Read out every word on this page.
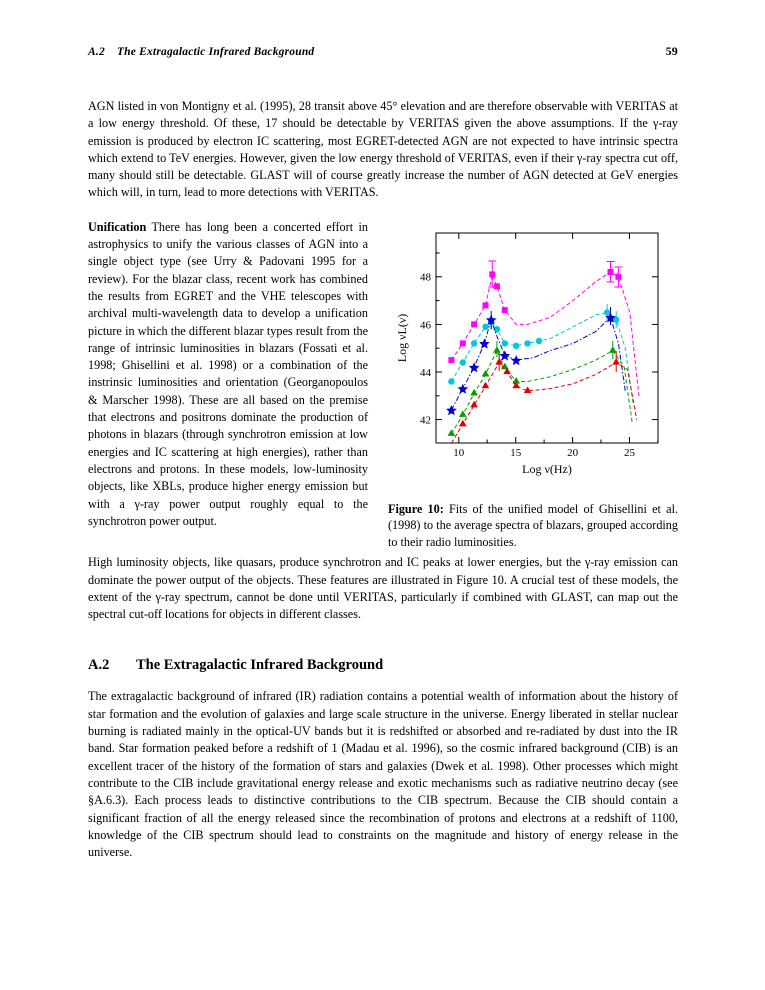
A.2 The Extragalactic Infrared Background	59

AGN listed in von Montigny et al. (1995), 28 transit above 45° elevation and are therefore observable with VERITAS at a low energy threshold. Of these, 17 should be detectable by VERITAS given the above assumptions. If the γ-ray emission is produced by electron IC scattering, most EGRET-detected AGN are not expected to have intrinsic spectra which extend to TeV energies. However, given the low energy threshold of VERITAS, even if their γ-ray spectra cut off, many should still be detectable. GLAST will of course greatly increase the number of AGN detected at GeV energies which will, in turn, lead to more detections with VERITAS.

42
44
46
48
10	15	20	25
Log ν(Hz)
Log νL(ν)
Figure 10: Fits of the unified model of Ghisellini et al. (1998) to the average spectra of blazars, grouped according to their radio luminosities.
Unification There has long been a concerted effort in astrophysics to unify the various classes of AGN into a single object type (see Urry & Padovani 1995 for a review). For the blazar class, recent work has combined the results from EGRET and the VHE telescopes with archival multi-wavelength data to develop a unification picture in which the different blazar types result from the range of intrinsic luminosities in blazars (Fossati et al. 1998; Ghisellini et al. 1998) or a combination of the instrinsic luminosities and orientation (Georganopoulos & Marscher 1998). These are all based on the premise that electrons and positrons dominate the production of photons in blazars (through synchrotron emission at low energies and IC scattering at high energies), rather than electrons and protons. In these models, low-luminosity objects, like XBLs, produce higher energy emission but with a γ-ray power output roughly equal to the synchrotron power output.

High luminosity objects, like quasars, produce synchrotron and IC peaks at lower energies, but the γ-ray emission can dominate the power output of the objects. These features are illustrated in Figure 10. A crucial test of these models, the extent of the γ-ray spectrum, cannot be done until VERITAS, particularly if combined with GLAST, can map out the spectral cut-off locations for objects in different classes.

A.2 The Extragalactic Infrared Background

The extragalactic background of infrared (IR) radiation contains a potential wealth of information about the history of star formation and the evolution of galaxies and large scale structure in the universe. Energy liberated in stellar nuclear burning is radiated mainly in the optical-UV bands but it is redshifted or absorbed and re-radiated by dust into the IR band. Star formation peaked before a redshift of 1 (Madau et al. 1996), so the cosmic infrared background (CIB) is an excellent tracer of the history of the formation of stars and galaxies (Dwek et al. 1998). Other processes which might contribute to the CIB include gravitational energy release and exotic mechanisms such as radiative neutrino decay (see §A.6.3). Each process leads to distinctive contributions to the CIB spectrum. Because the CIB should contain a significant fraction of all the energy released since the recombination of protons and electrons at a redshift of 1100, knowledge of the CIB spectrum should lead to constraints on the magnitude and history of energy release in the universe.
